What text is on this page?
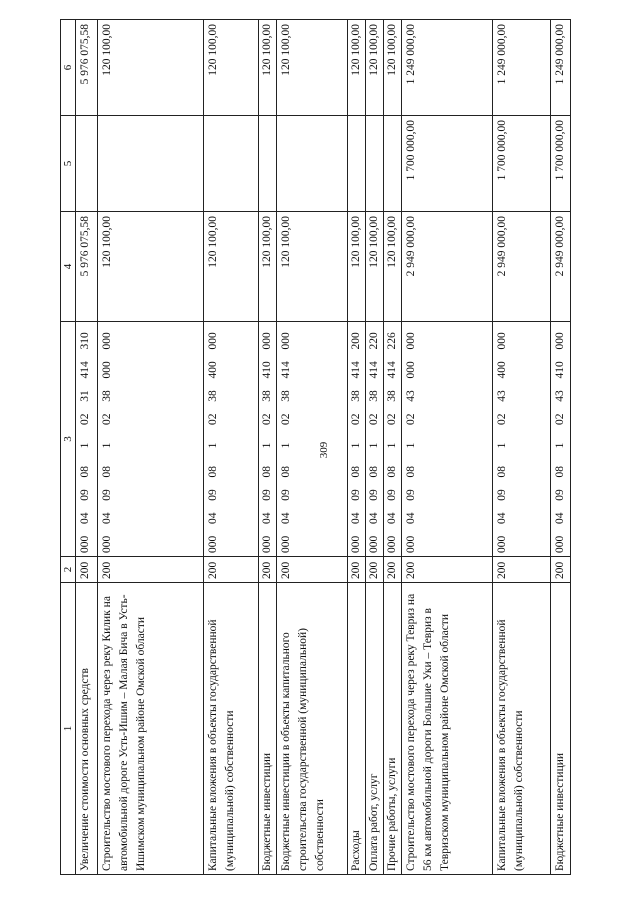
309
1	2	3	4	5	6
Увеличение стоимости основных средств	200	000  04  09  08   1   02  31  414  310	5 976 075,58		5 976 075,58
Строительство мостового перехода через реку Килик на автомобильной дороге Усть-Ишим – Малая Бича в Усть-Ишимском муниципальном районе Омской области	200	000  04  09  08   1   02  38  000  000	120 100,00		120 100,00
Капитальные вложения в объекты государственной (муниципальной) собственности	200	000  04  09  08   1   02  38  400  000	120 100,00		120 100,00
Бюджетные инвестиции	200	000  04  09  08   1   02  38  410  000	120 100,00		120 100,00
Бюджетные инвестиции в объекты капитального строительства государственной (муниципальной) собственности	200	000  04  09  08   1   02  38  414  000	120 100,00		120 100,00
Расходы	200	000  04  09  08   1   02  38  414  200	120 100,00		120 100,00
Оплата работ, услуг	200	000  04  09  08   1   02  38  414  220	120 100,00		120 100,00
Прочие работы, услуги	200	000  04  09  08   1   02  38  414  226	120 100,00		120 100,00
Строительство мостового перехода через реку Тевриз на 56 км автомобильной дороги Большие Уки – Тевриз в Тевризском муниципальном районе Омской области	200	000  04  09  08   1   02  43  000  000	2 949 000,00	1 700 000,00	1 249 000,00
Капитальные вложения в объекты государственной (муниципальной) собственности	200	000  04  09  08   1   02  43  400  000	2 949 000,00	1 700 000,00	1 249 000,00
Бюджетные инвестиции	200	000  04  09  08   1   02  43  410  000	2 949 000,00	1 700 000,00	1 249 000,00
